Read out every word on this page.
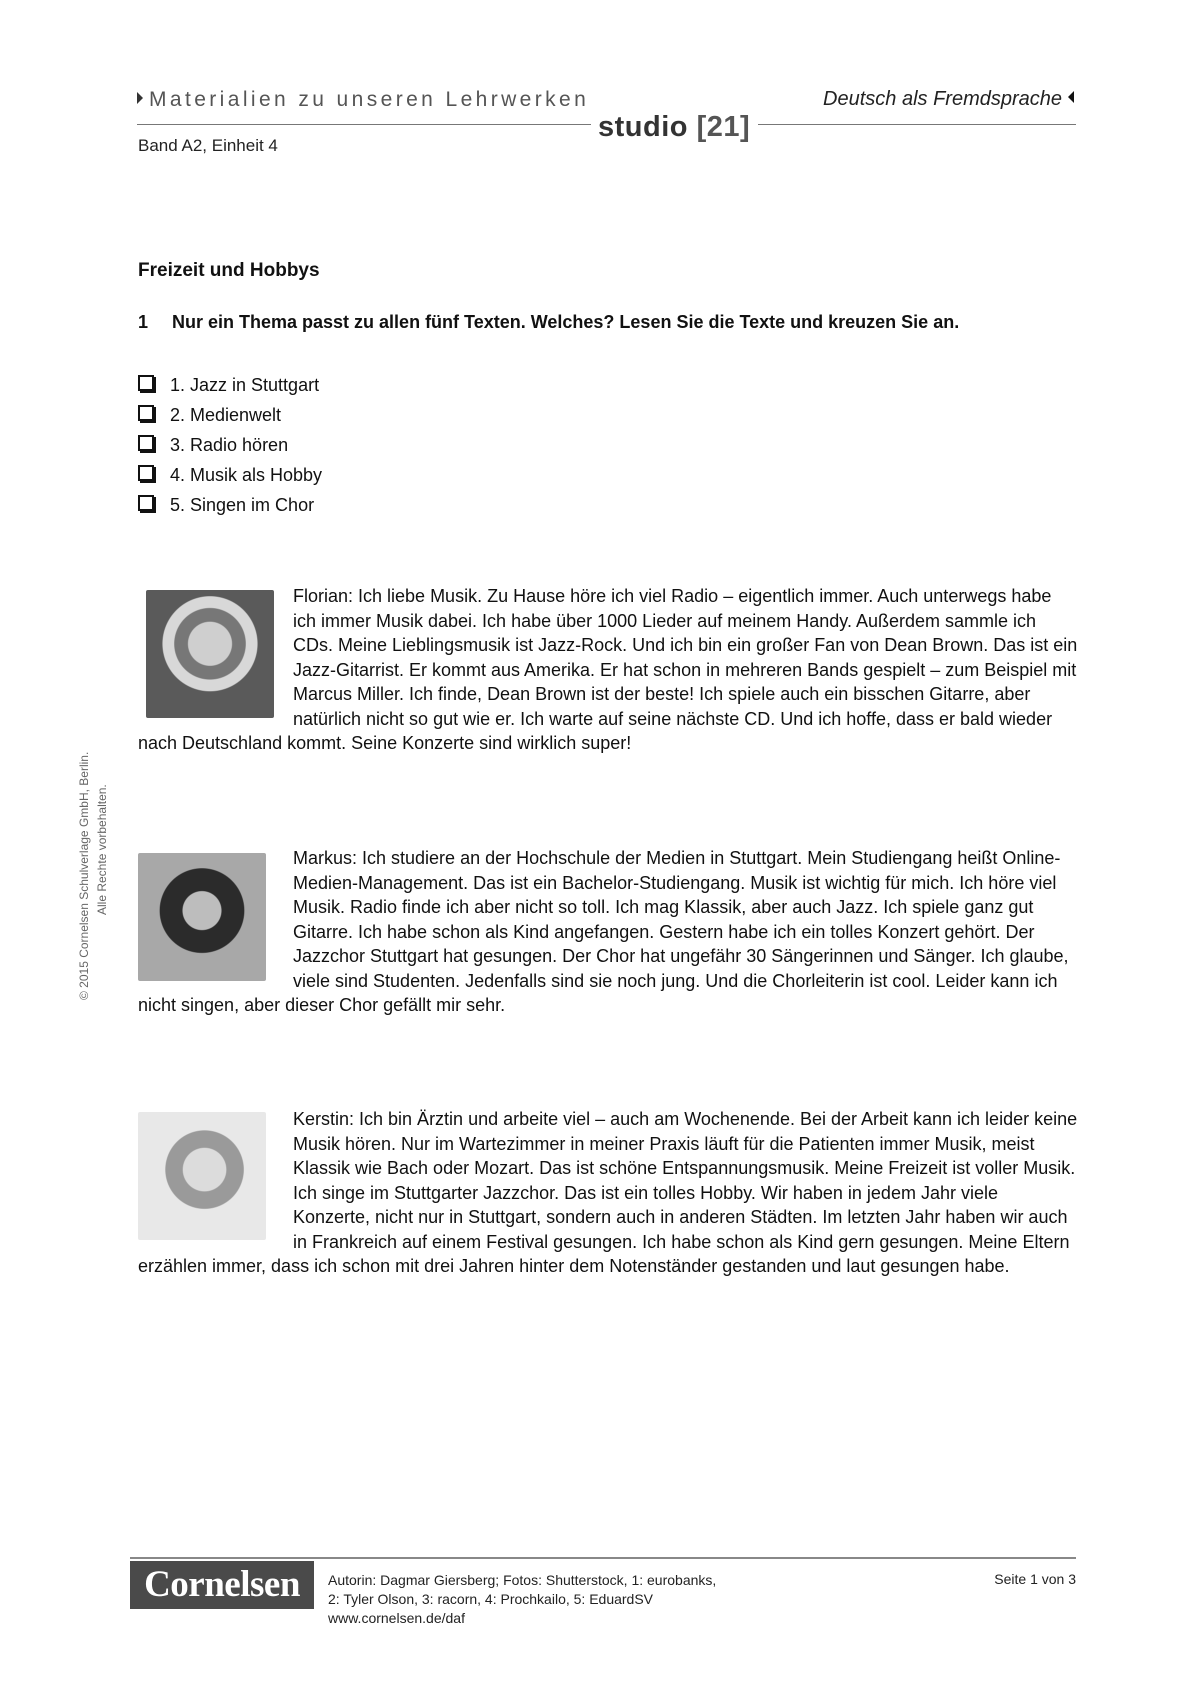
Materialien zu unseren Lehrwerken	Deutsch als Fremdsprache
studio [21]
Band A2, Einheit 4
© 2015 Cornelsen Schulverlage GmbH, Berlin. Alle Rechte vorbehalten.
Freizeit und Hobbys
1 Nur ein Thema passt zu allen fünf Texten. Welches? Lesen Sie die Texte und kreuzen Sie an.
1. Jazz in Stuttgart
2. Medienwelt
3. Radio hören
4. Musik als Hobby
5. Singen im Chor

Florian: Ich liebe Musik. Zu Hause höre ich viel Radio – eigentlich immer. Auch unterwegs habe ich immer Musik dabei. Ich habe über 1000 Lieder auf meinem Handy. Außerdem sammle ich CDs. Meine Lieblingsmusik ist Jazz-Rock. Und ich bin ein großer Fan von Dean Brown. Das ist ein Jazz-Gitarrist. Er kommt aus Amerika. Er hat schon in mehreren Bands gespielt – zum Beispiel mit Marcus Miller. Ich finde, Dean Brown ist der beste! Ich spiele auch ein bisschen Gitarre, aber natürlich nicht so gut wie er. Ich warte auf seine nächste CD. Und ich hoffe, dass er bald wieder nach Deutschland kommt. Seine Konzerte sind wirklich super!

Markus: Ich studiere an der Hochschule der Medien in Stuttgart. Mein Studiengang heißt Online-Medien-Management. Das ist ein Bachelor-Studiengang. Musik ist wichtig für mich. Ich höre viel Musik. Radio finde ich aber nicht so toll. Ich mag Klassik, aber auch Jazz. Ich spiele ganz gut Gitarre. Ich habe schon als Kind angefangen. Gestern habe ich ein tolles Konzert gehört. Der Jazzchor Stuttgart hat gesungen. Der Chor hat ungefähr 30 Sängerinnen und Sänger. Ich glaube, viele sind Studenten. Jedenfalls sind sie noch jung. Und die Chorleiterin ist cool. Leider kann ich nicht singen, aber dieser Chor gefällt mir sehr.

Kerstin: Ich bin Ärztin und arbeite viel – auch am Wochenende. Bei der Arbeit kann ich leider keine Musik hören. Nur im Wartezimmer in meiner Praxis läuft für die Patienten immer Musik, meist Klassik wie Bach oder Mozart. Das ist schöne Entspannungsmusik. Meine Freizeit ist voller Musik. Ich singe im Stuttgarter Jazzchor. Das ist ein tolles Hobby. Wir haben in jedem Jahr viele Konzerte, nicht nur in Stuttgart, sondern auch in anderen Städten. Im letzten Jahr haben wir auch in Frankreich auf einem Festival gesungen. Ich habe schon als Kind gern gesungen. Meine Eltern erzählen immer, dass ich schon mit drei Jahren hinter dem Notenständer gestanden und laut gesungen habe.

Cornelsen	Autorin: Dagmar Giersberg; Fotos: Shutterstock, 1: eurobanks,
2: Tyler Olson, 3: racorn, 4: Prochkailo, 5: EduardSV
www.cornelsen.de/daf
Seite 1 von 3
